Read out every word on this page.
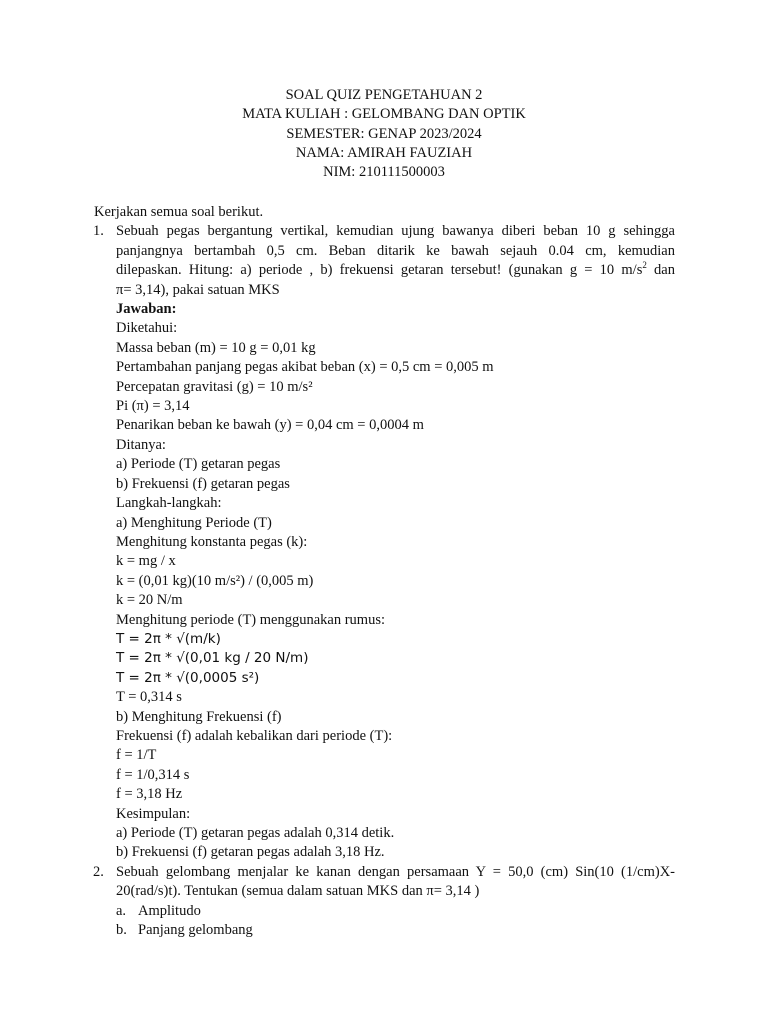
SOAL QUIZ PENGETAHUAN 2
MATA KULIAH : GELOMBANG DAN OPTIK
SEMESTER: GENAP 2023/2024
NAMA: AMIRAH FAUZIAH
NIM: 210111500003
Kerjakan semua soal berikut.
1. Sebuah pegas bergantung vertikal, kemudian ujung bawanya diberi beban 10 g sehingga
panjangnya bertambah 0,5 cm. Beban ditarik ke bawah sejauh 0.04 cm, kemudian
dilepaskan. Hitung: a) periode , b) frekuensi getaran tersebut! (gunakan g = 10 $m/s^2$ dan
π= 3,14), pakai satuan MKS
Jawaban:
Diketahui:
Massa beban (m) = 10 g = 0,01 kg
Pertambahan panjang pegas akibat beban (x) = 0,5 cm = 0,005 m
Percepatan gravitasi (g) = 10 m/s²
Pi (π) = 3,14
Penarikan beban ke bawah (y) = 0,04 cm = 0,0004 m
Ditanya:
a) Periode (T) getaran pegas
b) Frekuensi (f) getaran pegas
Langkah-langkah:
a) Menghitung Periode (T)
Menghitung konstanta pegas (k):
k = mg / x
k = (0,01 kg)(10 m/s²) / (0,005 m)
k = 20 N/m
Menghitung periode (T) menggunakan rumus:
T = 2π * √(m/k)
T = 2π * √(0,01 kg / 20 N/m)
T = 2π * √(0,0005 s²)
T = 0,314 s
b) Menghitung Frekuensi (f)
Frekuensi (f) adalah kebalikan dari periode (T):
f = 1/T
f = 1/0,314 s
f = 3,18 Hz
Kesimpulan:
a) Periode (T) getaran pegas adalah 0,314 detik.
b) Frekuensi (f) getaran pegas adalah 3,18 Hz.
2. Sebuah gelombang menjalar ke kanan dengan persamaan Y = 50,0 (cm) Sin(10 (1/cm)X-
20(rad/s)t). Tentukan (semua dalam satuan MKS dan π= 3,14 )
a. Amplitudo
b. Panjang gelombang
